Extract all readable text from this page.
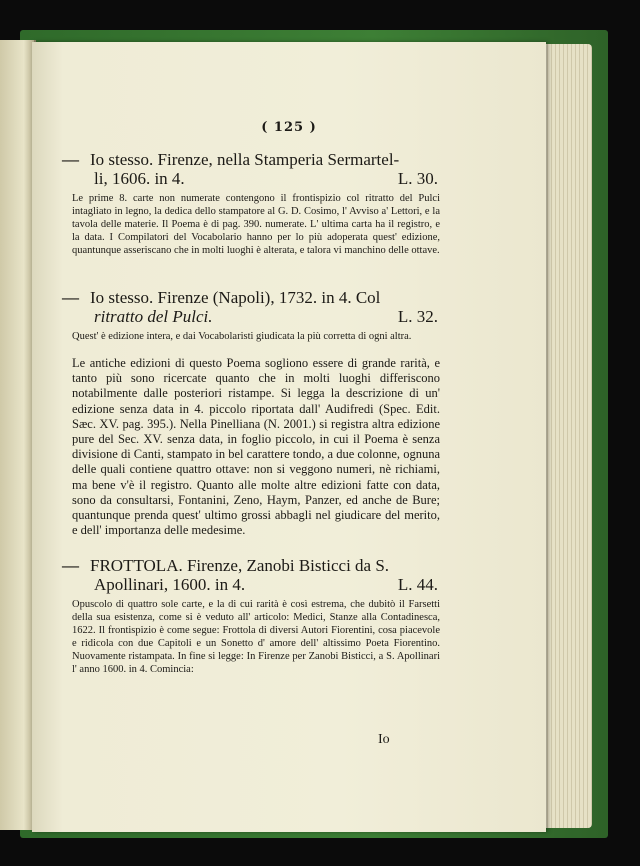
( 125 )
— Io stesso. Firenze, nella Stamperia Sermartel-
li, 1606. in 4.	L. 30.
Le prime 8. carte non numerate contengono il frontispizio col ritratto del Pulci intagliato in legno, la dedica dello stampatore al G. D. Cosimo, l' Avviso a' Lettori, e la tavola delle materie. Il Poema è di pag. 390. numerate. L' ultima carta ha il registro, e la data. I Compilatori del Vocabolario hanno per lo più adoperata quest' edizione, quantunque asseriscano che in molti luoghi è alterata, e talora vi manchino delle ottave.
— Io stesso. Firenze (Napoli), 1732. in 4. Col
ritratto del Pulci.	L. 32.
Quest' è edizione intera, e dai Vocabolaristi giudicata la più corretta di ogni altra.
Le antiche edizioni di questo Poema sogliono essere di grande rarità, e tanto più sono ricercate quanto che in molti luoghi differiscono notabilmente dalle posteriori ristampe. Si legga la descrizione di un' edizione senza data in 4. piccolo riportata dall' Audifredi (Spec. Edit. Sæc. XV. pag. 395.). Nella Pinelliana (N. 2001.) si registra altra edizione pure del Sec. XV. senza data, in foglio piccolo, in cui il Poema è senza divisione di Canti, stampato in bel carattere tondo, a due colonne, ognuna delle quali contiene quattro ottave: non si veggono numeri, nè richiami, ma bene v'è il registro. Quanto alle molte altre edizioni fatte con data, sono da consultarsi, Fontanini, Zeno, Haym, Panzer, ed anche de Bure; quantunque prenda quest' ultimo grossi abbagli nel giudicare del merito, e dell' importanza delle medesime.
— FROTTOLA. Firenze, Zanobi Bisticci da S.
Apollinari, 1600. in 4.	L. 44.
Opuscolo di quattro sole carte, e la di cui rarità è così estrema, che dubitò il Farsetti della sua esistenza, come si è veduto all' articolo: Medici, Stanze alla Contadinesca, 1622. Il frontispizio è come segue: Frottola di diversi Autori Fiorentini, cosa piacevole e ridicola con due Capitoli e un Sonetto d' amore dell' altissimo Poeta Fiorentino. Nuovamente ristampata. In fine si legge: In Firenze per Zanobi Bisticci, a S. Apollinari l' anno 1600. in 4. Comincia:
Io
